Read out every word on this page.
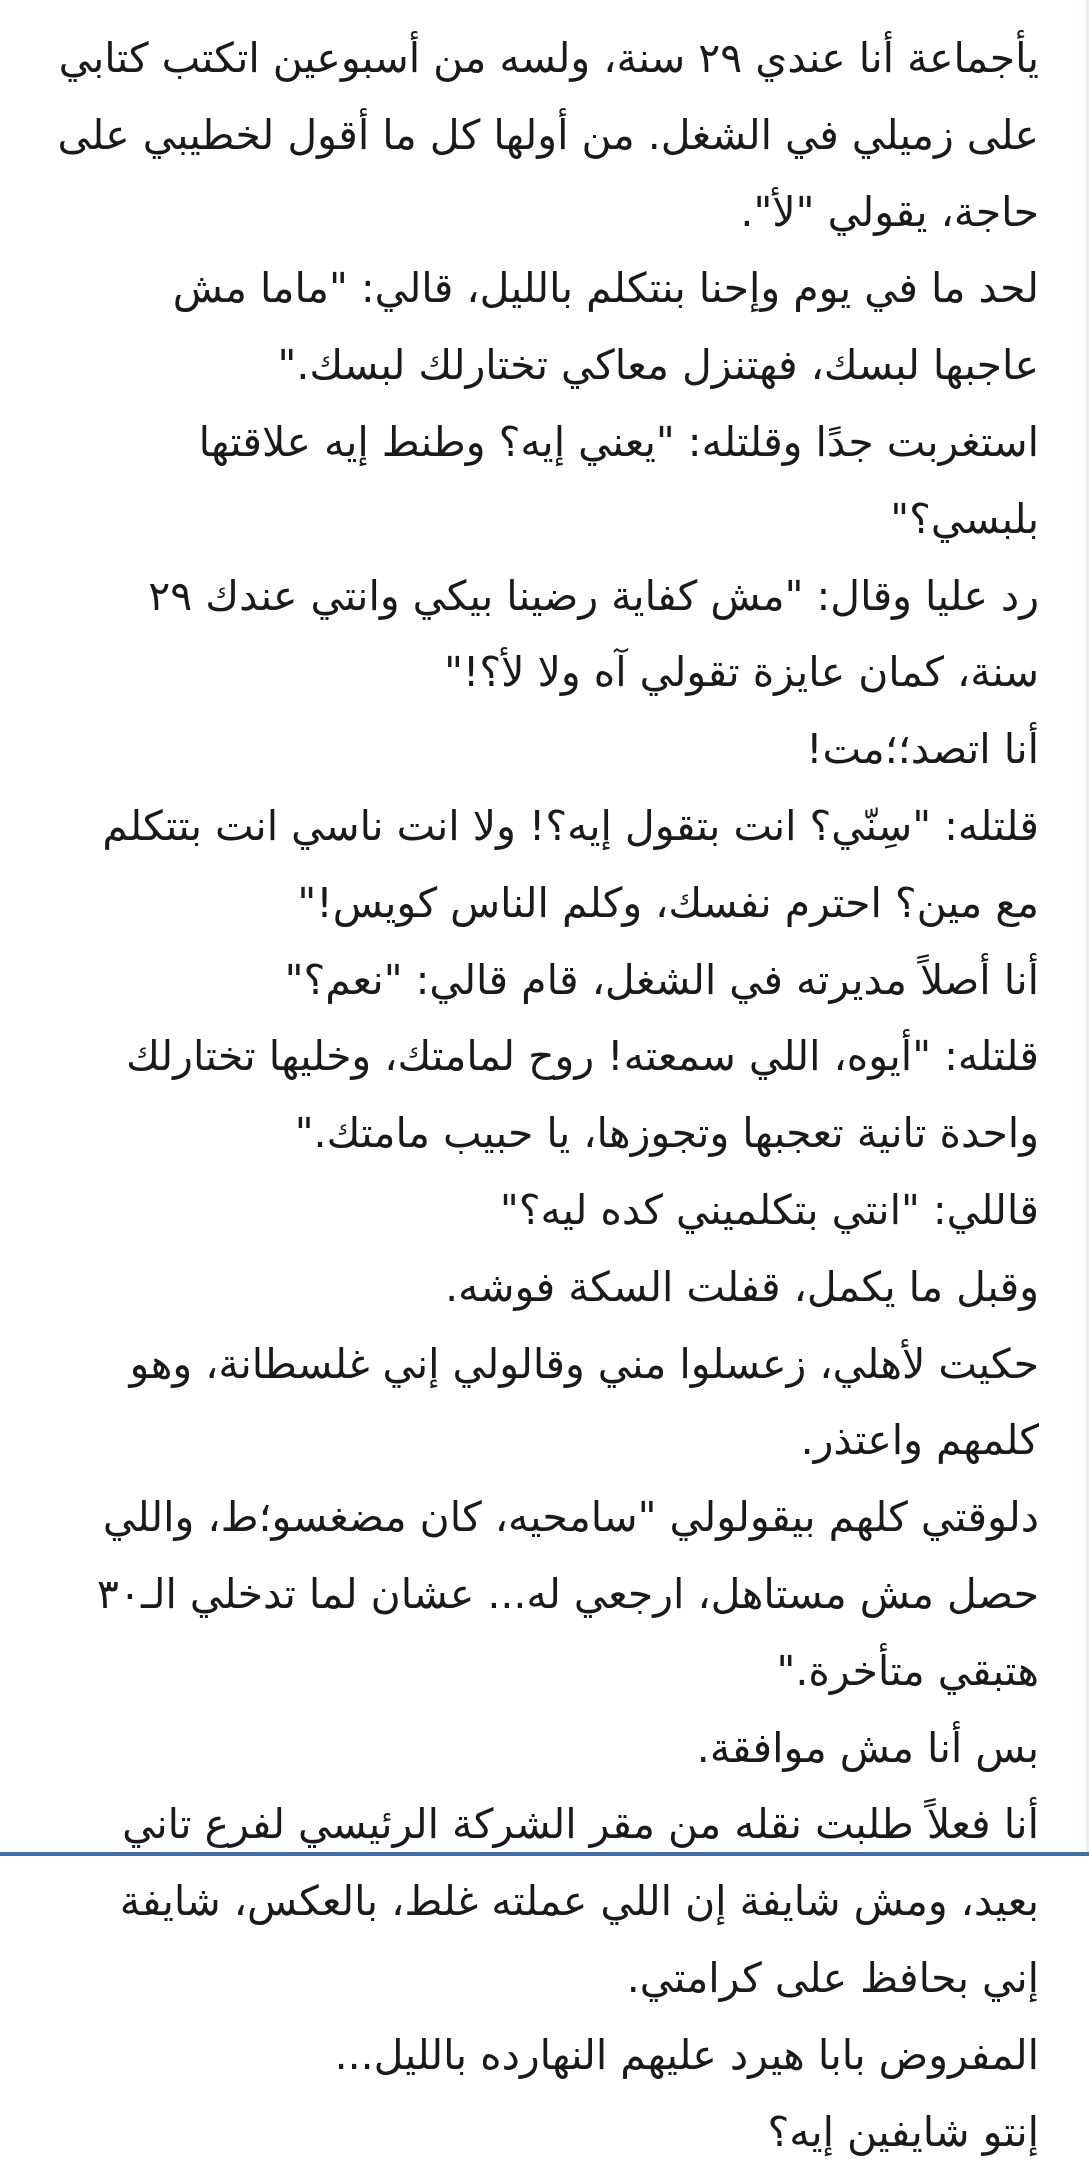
يأجماعة أنا عندي ٢٩ سنة، ولسه من أسبوعين اتكتب كتابي
على زميلي في الشغل. من أولها كل ما أقول لخطيبي على
حاجة، يقولي "لأ".
لحد ما في يوم وإحنا بنتكلم بالليل، قالي: "ماما مش
عاجبها لبسك، فهتنزل معاكي تختارلك لبسك."
استغربت جدًا وقلتله: "يعني إيه؟ وطنط إيه علاقتها
بلبسي؟"
رد عليا وقال: "مش كفاية رضينا بيكي وانتي عندك ٢٩
سنة، كمان عايزة تقولي آه ولا لأ؟!"
أنا اتصد؛؛مت!
قلتله: "سِنّي؟ انت بتقول إيه؟! ولا انت ناسي انت بتتكلم
مع مين؟ احترم نفسك، وكلم الناس كويس!"
أنا أصلاً مديرته في الشغل، قام قالي: "نعم؟"
قلتله: "أيوه، اللي سمعته! روح لمامتك، وخليها تختارلك
واحدة تانية تعجبها وتجوزها، يا حبيب مامتك."
قاللي: "انتي بتكلميني كده ليه؟"
وقبل ما يكمل، قفلت السكة فوشه.
حكيت لأهلي، زعسلوا مني وقالولي إني غلسطانة، وهو
كلمهم واعتذر.
دلوقتي كلهم بيقولولي "سامحيه، كان مضغسو؛ط، واللي
حصل مش مستاهل، ارجعي له... عشان لما تدخلي الـ٣٠
هتبقي متأخرة."
بس أنا مش موافقة.
أنا فعلاً طلبت نقله من مقر الشركة الرئيسي لفرع تاني
بعيد، ومش شايفة إن اللي عملته غلط، بالعكس، شايفة
إني بحافظ على كرامتي.
المفروض بابا هيرد عليهم النهارده بالليل...
إنتو شايفين إيه؟
